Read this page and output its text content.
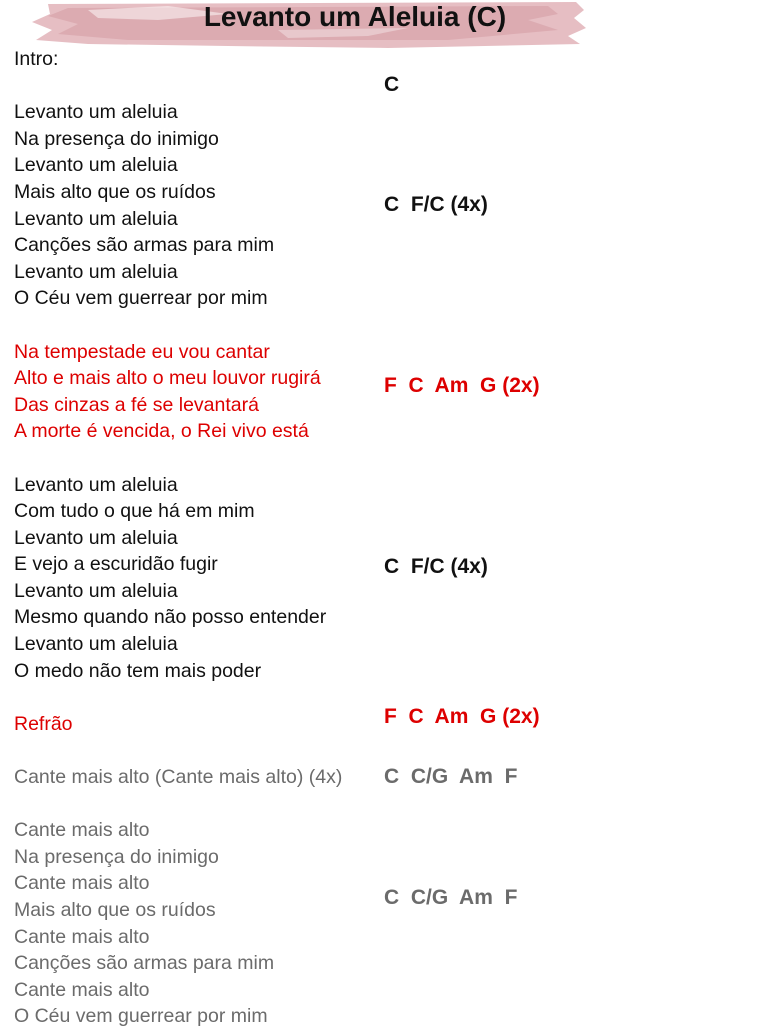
Levanto um Aleluia (C)
Intro:
Levanto um aleluia
Na presença do inimigo
Levanto um aleluia
Mais alto que os ruídos
Levanto um aleluia
Canções são armas para mim
Levanto um aleluia
O Céu vem guerrear por mim
Na tempestade eu vou cantar
Alto e mais alto o meu louvor rugirá
Das cinzas a fé se levantará
A morte é vencida, o Rei vivo está
Levanto um aleluia
Com tudo o que há em mim
Levanto um aleluia
E vejo a escuridão fugir
Levanto um aleluia
Mesmo quando não posso entender
Levanto um aleluia
O medo não tem mais poder
Refrão
Cante mais alto (Cante mais alto) (4x)
Cante mais alto
Na presença do inimigo
Cante mais alto
Mais alto que os ruídos
Cante mais alto
Canções são armas para mim
Cante mais alto
O Céu vem guerrear por mim
C
C  F/C (4x)
F  C  Am  G (2x)
C  F/C (4x)
F  C  Am  G (2x)
C  C/G  Am  F
C  C/G  Am  F
